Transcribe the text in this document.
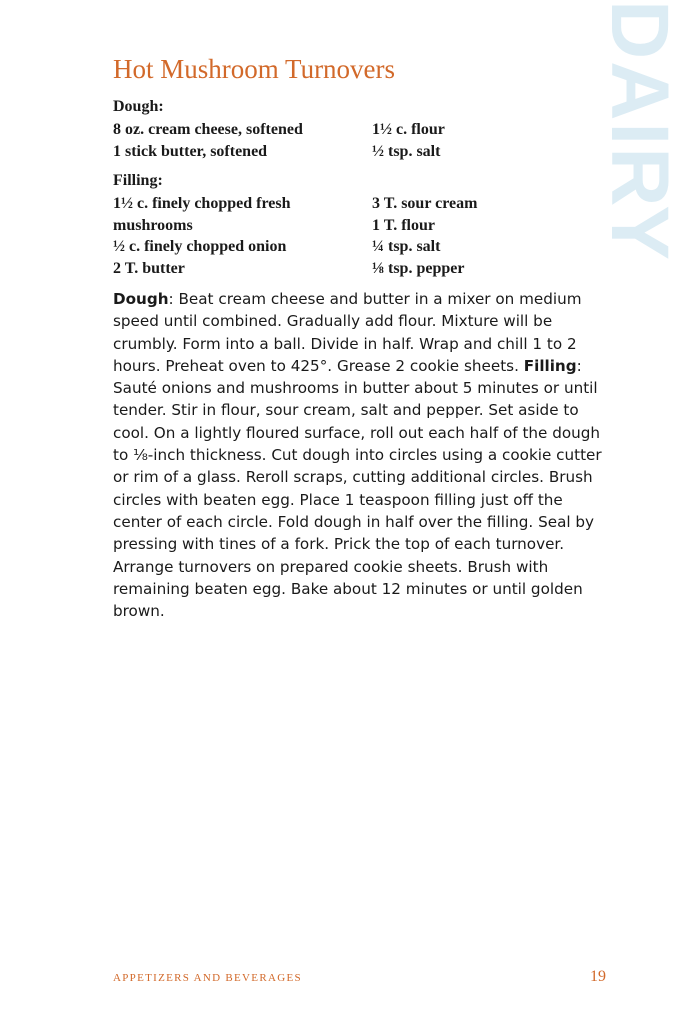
DAIRY
Hot Mushroom Turnovers

Dough:

8 oz. cream cheese, softened

1 stick butter, softened

1½ c. flour

½ tsp. salt

Filling:

1½ c. finely chopped fresh

mushrooms

½ c. finely chopped onion

2 T. butter

3 T. sour cream

1 T. flour

¼ tsp. salt

⅛ tsp. pepper

Dough: Beat cream cheese and butter in a mixer on medium speed until combined. Gradually add flour. Mixture will be crumbly. Form into a ball. Divide in half. Wrap and chill 1 to 2 hours. Preheat oven to 425°. Grease 2 cookie sheets. Filling: Sauté onions and mushrooms in butter about 5 minutes or until tender. Stir in flour, sour cream, salt and pepper. Set aside to cool. On a lightly floured surface, roll out each half of the dough to ⅛-inch thickness. Cut dough into circles using a cookie cutter or rim of a glass. Reroll scraps, cutting additional circles. Brush circles with beaten egg. Place 1 teaspoon filling just off the center of each circle. Fold dough in half over the filling. Seal by pressing with tines of a fork. Prick the top of each turnover. Arrange turnovers on prepared cookie sheets. Brush with remaining beaten egg. Bake about 12 minutes or until golden brown.

APPETIZERS AND BEVERAGES	19
